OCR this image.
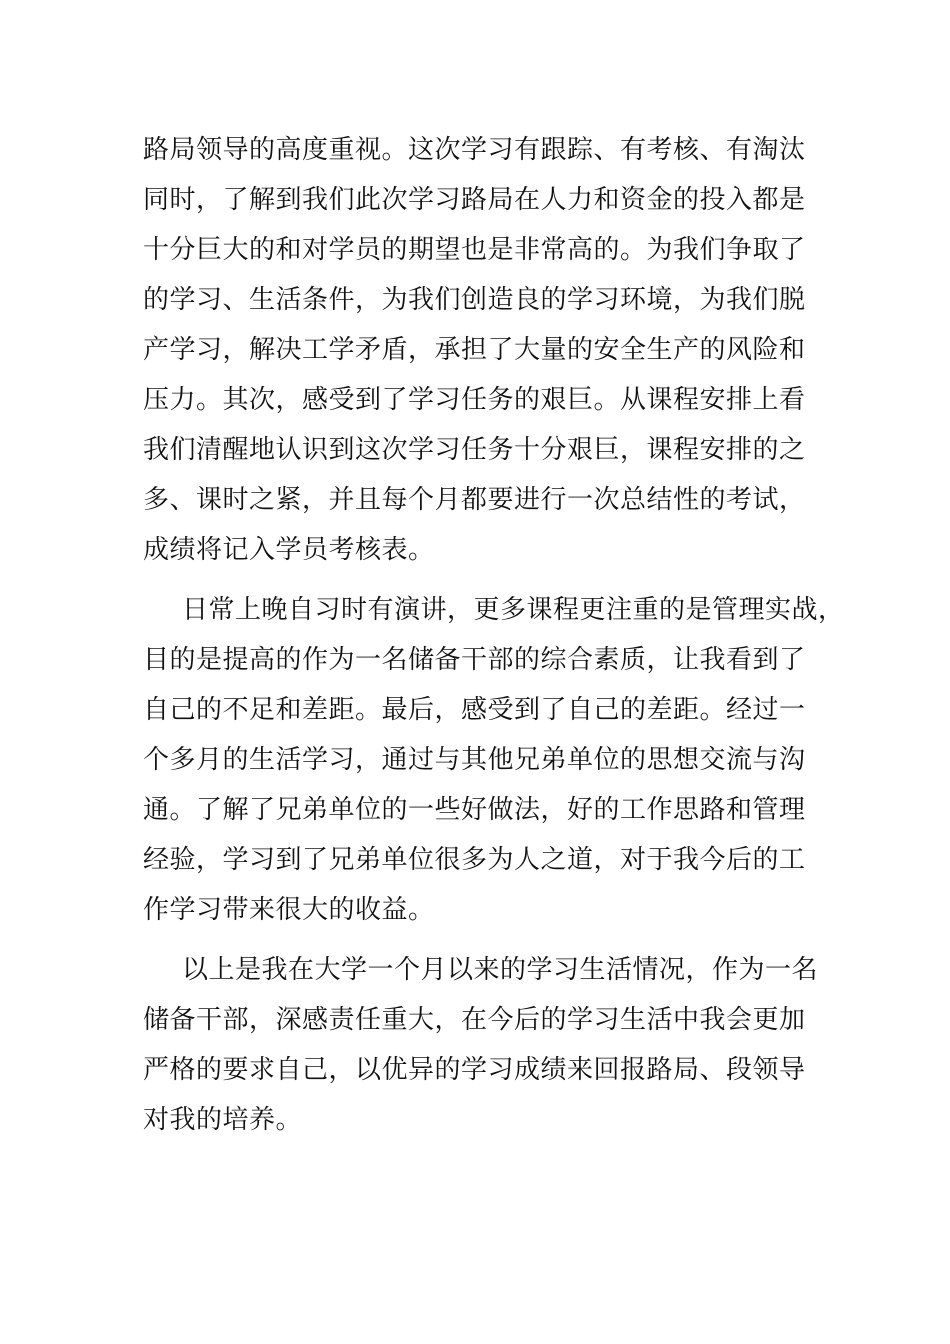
路局领导的高度重视。这次学习有跟踪、有考核、有淘汰
同时，了解到我们此次学习路局在人力和资金的投入都是
十分巨大的和对学员的期望也是非常高的。为我们争取了
的学习、生活条件，为我们创造良的学习环境，为我们脱
产学习，解决工学矛盾，承担了大量的安全生产的风险和
压力。其次，感受到了学习任务的艰巨。从课程安排上看
我们清醒地认识到这次学习任务十分艰巨，课程安排的之
多、课时之紧，并且每个月都要进行一次总结性的考试，
成绩将记入学员考核表。
日常上晚自习时有演讲，更多课程更注重的是管理实战，
目的是提高的作为一名储备干部的综合素质，让我看到了
自己的不足和差距。最后，感受到了自己的差距。经过一
个多月的生活学习，通过与其他兄弟单位的思想交流与沟
通。了解了兄弟单位的一些好做法，好的工作思路和管理
经验，学习到了兄弟单位很多为人之道，对于我今后的工
作学习带来很大的收益。
以上是我在大学一个月以来的学习生活情况，作为一名
储备干部，深感责任重大，在今后的学习生活中我会更加
严格的要求自己，以优异的学习成绩来回报路局、段领导
对我的培养。
